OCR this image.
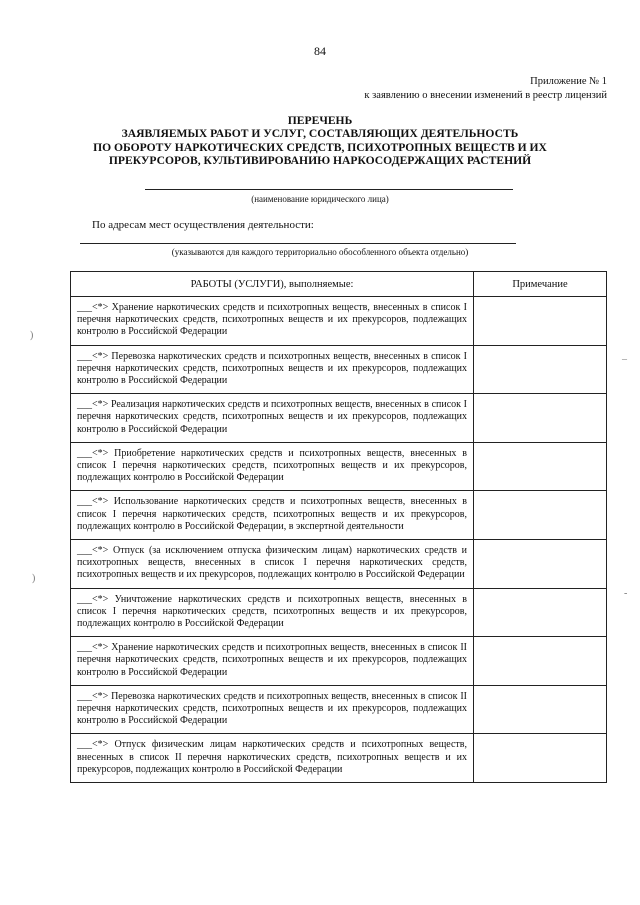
84
Приложение № 1
к заявлению о внесении изменений в реестр лицензий
ПЕРЕЧЕНЬ
ЗАЯВЛЯЕМЫХ РАБОТ И УСЛУГ, СОСТАВЛЯЮЩИХ ДЕЯТЕЛЬНОСТЬ
ПО ОБОРОТУ НАРКОТИЧЕСКИХ СРЕДСТВ, ПСИХОТРОПНЫХ ВЕЩЕСТВ И ИХ
ПРЕКУРСОРОВ, КУЛЬТИВИРОВАНИЮ НАРКОСОДЕРЖАЩИХ РАСТЕНИЙ
(наименование юридического лица)
По адресам мест осуществления деятельности:
(указываются для каждого территориально обособленного объекта отдельно)
РАБОТЫ (УСЛУГИ), выполняемые:	Примечание
___<*> Хранение наркотических средств и психотропных веществ, внесенных в список I перечня наркотических средств, психотропных веществ и их прекурсоров, подлежащих контролю в Российской Федерации	
___<*> Перевозка наркотических средств и психотропных веществ, внесенных в список I перечня наркотических средств, психотропных веществ и их прекурсоров, подлежащих контролю в Российской Федерации	
___<*> Реализация наркотических средств и психотропных веществ, внесенных в список I перечня наркотических средств, психотропных веществ и их прекурсоров, подлежащих контролю в Российской Федерации	
___<*> Приобретение наркотических средств и психотропных веществ, внесенных в список I перечня наркотических средств, психотропных веществ и их прекурсоров, подлежащих контролю в Российской Федерации	
___<*> Использование наркотических средств и психотропных веществ, внесенных в список I перечня наркотических средств, психотропных веществ и их прекурсоров, подлежащих контролю в Российской Федерации, в экспертной деятельности	
___<*> Отпуск (за исключением отпуска физическим лицам) наркотических средств и психотропных веществ, внесенных в список I перечня наркотических средств, психотропных веществ и их прекурсоров, подлежащих контролю в Российской Федерации	
___<*> Уничтожение наркотических средств и психотропных веществ, внесенных в список I перечня наркотических средств, психотропных веществ и их прекурсоров, подлежащих контролю в Российской Федерации	
___<*> Хранение наркотических средств и психотропных веществ, внесенных в список II перечня наркотических средств, психотропных веществ и их прекурсоров, подлежащих контролю в Российской Федерации	
___<*> Перевозка наркотических средств и психотропных веществ, внесенных в список II перечня наркотических средств, психотропных веществ и их прекурсоров, подлежащих контролю в Российской Федерации	
___<*> Отпуск физическим лицам наркотических средств и психотропных веществ, внесенных в список II перечня наркотических средств, психотропных веществ и их прекурсоров, подлежащих контролю в Российской Федерации	
)
)
–
-
